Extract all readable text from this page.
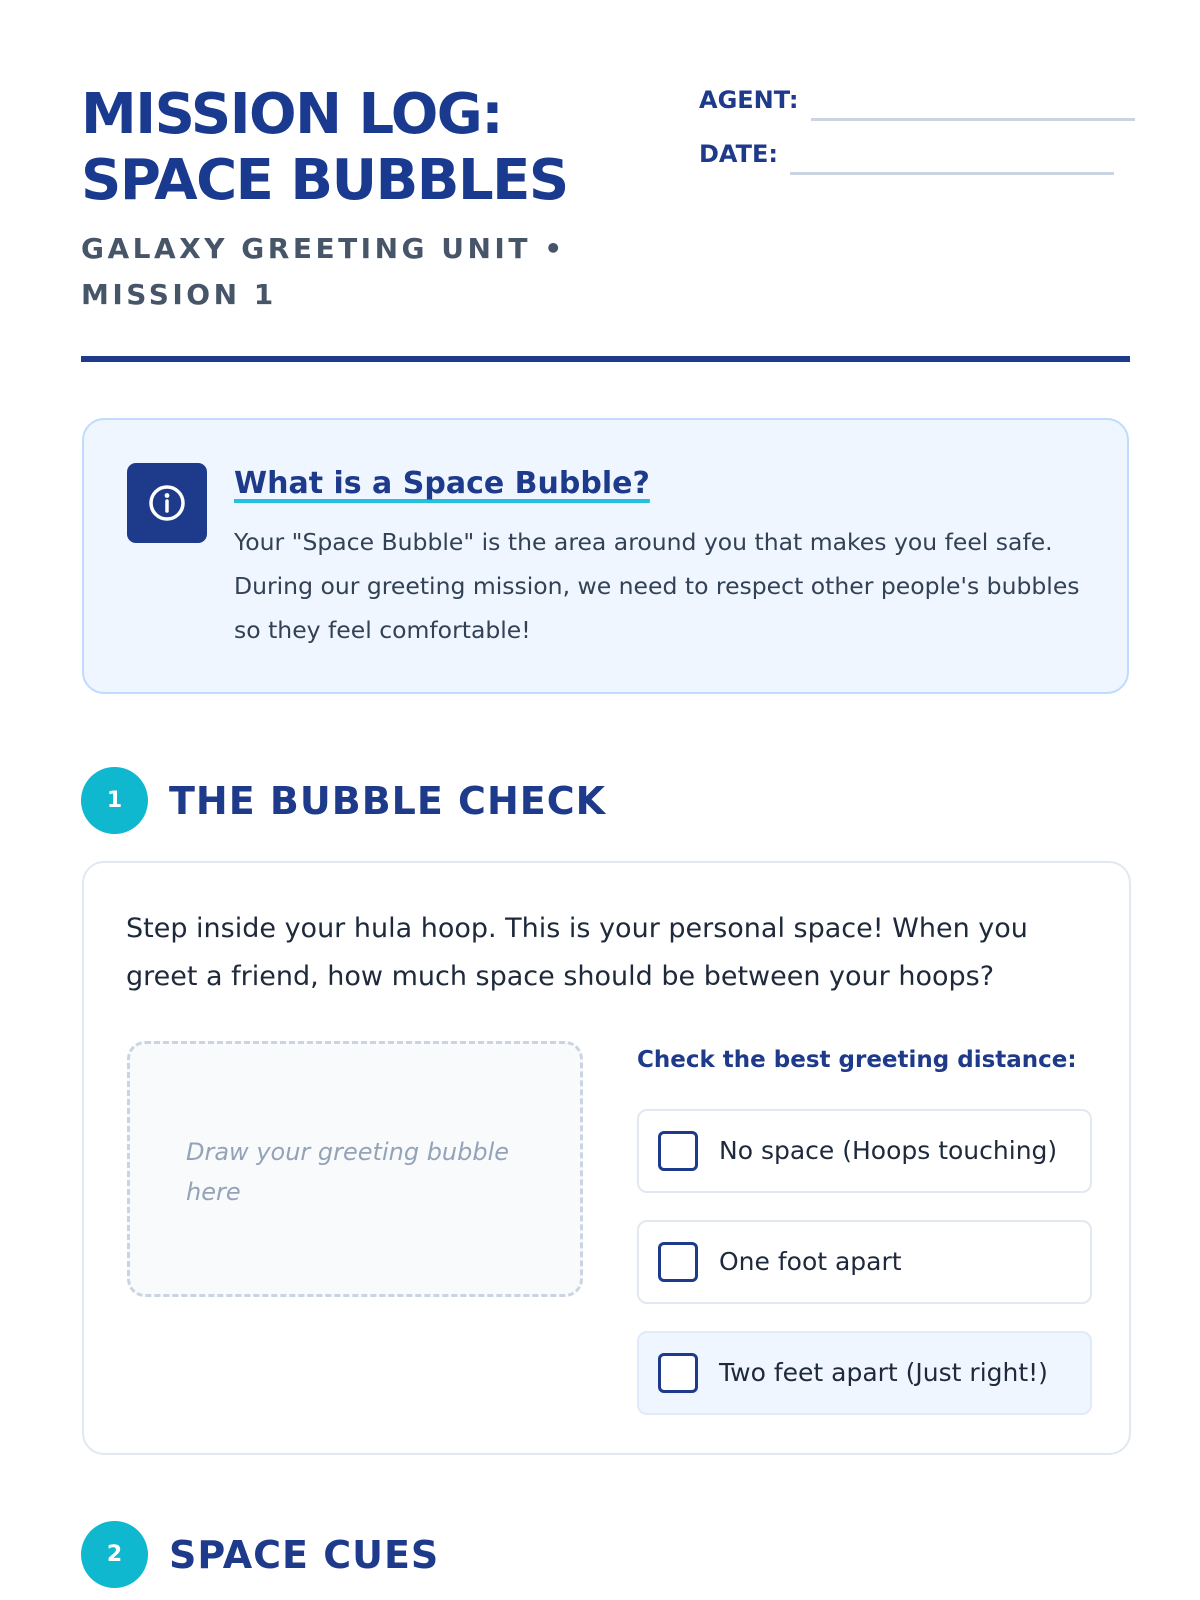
MISSION LOG:
SPACE BUBBLES
GALAXY GREETING UNIT • MISSION 1
AGENT:
DATE:
What is a Space Bubble?

Your "Space Bubble" is the area around you that makes you feel safe. During our greeting mission, we need to respect other people's bubbles so they feel comfortable!

1	THE BUBBLE CHECK

Step inside your hula hoop. This is your personal space! When you greet a friend, how much space should be between your hoops?

Draw your greeting bubble here
Check the best greeting distance:
No space (Hoops touching)
One foot apart
Two feet apart (Just right!)
2	SPACE CUES
